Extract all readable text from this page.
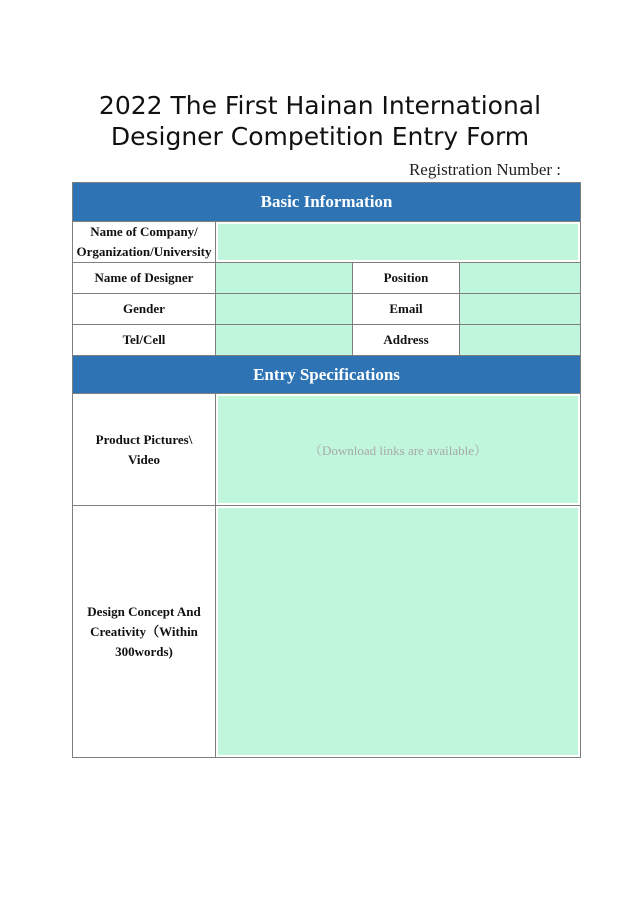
2022 The First Hainan International
Designer Competition Entry Form
Registration Number :
Basic Information			

Name of Company/
Organization/University			

Name of Designer		Position	
Gender		Email	
Tel/Cell		Address	
Entry Specifications			

Product Pictures\
Video	（Download links are available）		

Design Concept And
Creativity（Within
300words)			
